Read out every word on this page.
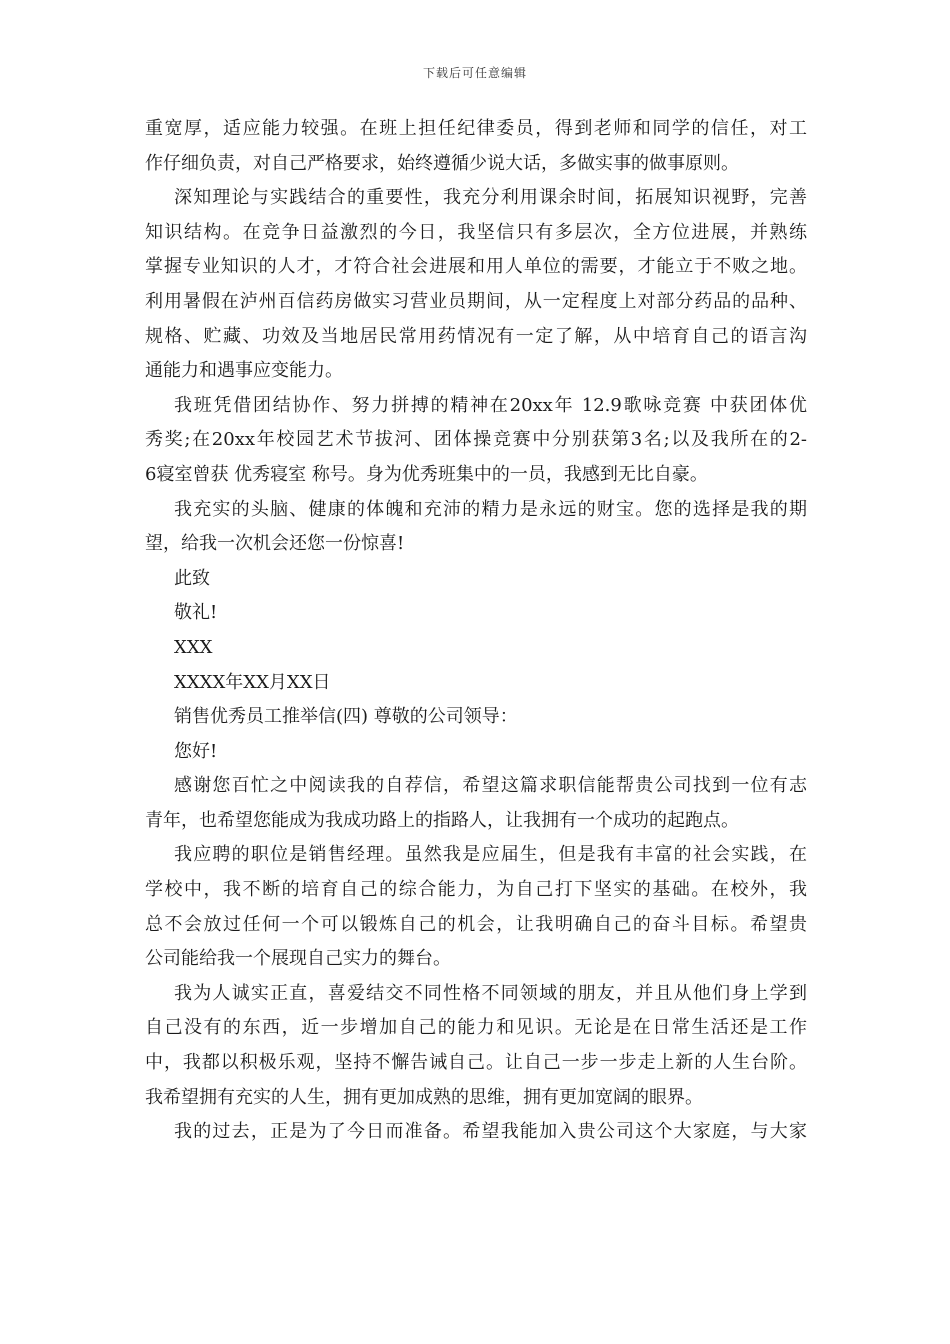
下载后可任意编辑
重宽厚，适应能力较强。在班上担任纪律委员，得到老师和同学的信任，对工
作仔细负责，对自己严格要求，始终遵循少说大话，多做实事的做事原则。
深知理论与实践结合的重要性，我充分利用课余时间，拓展知识视野，完善
知识结构。在竞争日益激烈的今日，我坚信只有多层次，全方位进展，并熟练
掌握专业知识的人才，才符合社会进展和用人单位的需要，才能立于不败之地。
利用暑假在泸州百信药房做实习营业员期间，从一定程度上对部分药品的品种、
规格、贮藏、功效及当地居民常用药情况有一定了解，从中培育自己的语言沟
通能力和遇事应变能力。
我班凭借团结协作、努力拼搏的精神在20xx年 12.9歌咏竞赛 中获团体优
秀奖;在20xx年校园艺术节拔河、团体操竞赛中分别获第3名;以及我所在的2-
6寝室曾获 优秀寝室 称号。身为优秀班集中的一员，我感到无比自豪。
我充实的头脑、健康的体魄和充沛的精力是永远的财宝。您的选择是我的期
望，给我一次机会还您一份惊喜!
此致
敬礼!
XXX
XXXX年XX月XX日
销售优秀员工推举信(四) 尊敬的公司领导：
您好!
感谢您百忙之中阅读我的自荐信，希望这篇求职信能帮贵公司找到一位有志
青年，也希望您能成为我成功路上的指路人，让我拥有一个成功的起跑点。
我应聘的职位是销售经理。虽然我是应届生，但是我有丰富的社会实践，在
学校中，我不断的培育自己的综合能力，为自己打下坚实的基础。在校外，我
总不会放过任何一个可以锻炼自己的机会，让我明确自己的奋斗目标。希望贵
公司能给我一个展现自己实力的舞台。
我为人诚实正直，喜爱结交不同性格不同领域的朋友，并且从他们身上学到
自己没有的东西，近一步增加自己的能力和见识。无论是在日常生活还是工作
中，我都以积极乐观，坚持不懈告诫自己。让自己一步一步走上新的人生台阶。
我希望拥有充实的人生，拥有更加成熟的思维，拥有更加宽阔的眼界。
我的过去，正是为了今日而准备。希望我能加入贵公司这个大家庭，与大家
